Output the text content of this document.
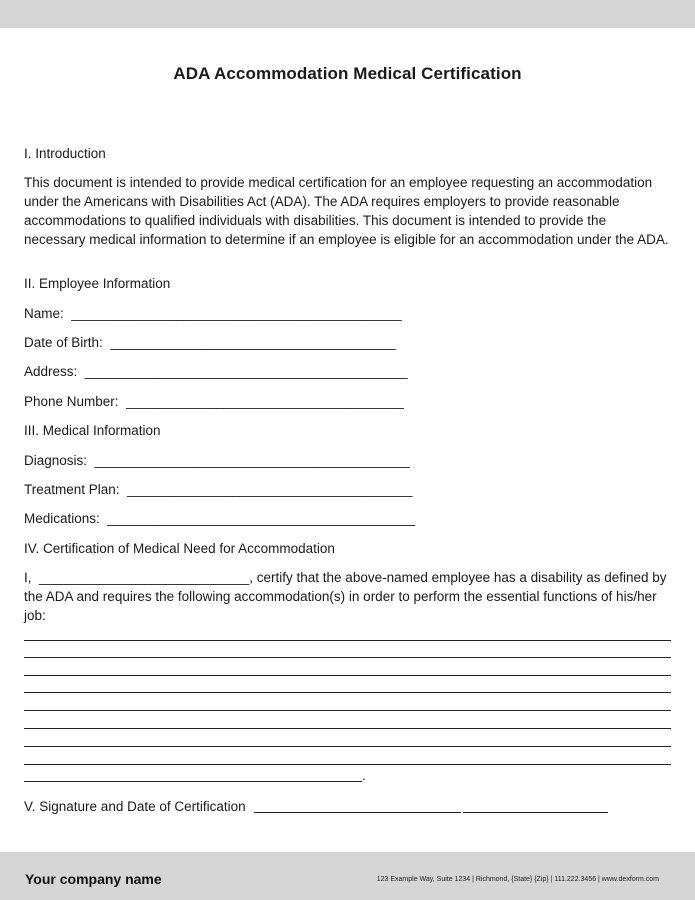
ADA Accommodation Medical Certification
I. Introduction

This document is intended to provide medical certification for an employee requesting an accommodation under the Americans with Disabilities Act (ADA). The ADA requires employers to provide reasonable accommodations to qualified individuals with disabilities. This document is intended to provide the necessary medical information to determine if an employee is eligible for an accommodation under the ADA.

II. Employee Information
Name:  ____________________________________________
Date of Birth:  ______________________________________
Address:  ___________________________________________
Phone Number:  _____________________________________
III. Medical Information
Diagnosis:  __________________________________________
Treatment Plan:  ______________________________________
Medications:  _________________________________________
IV. Certification of Medical Need for Accommodation

I,  ____________________________, certify that the above-named employee has a disability as defined by the ADA and requires the following accommodation(s) in order to perform the essential functions of his/her job:

.
V. Signature and Date of Certification
Your company name	123 Example Way, Suite 1234 | Richmond, {State} {Zip} | 111.222.3456 | www.dexform.com
